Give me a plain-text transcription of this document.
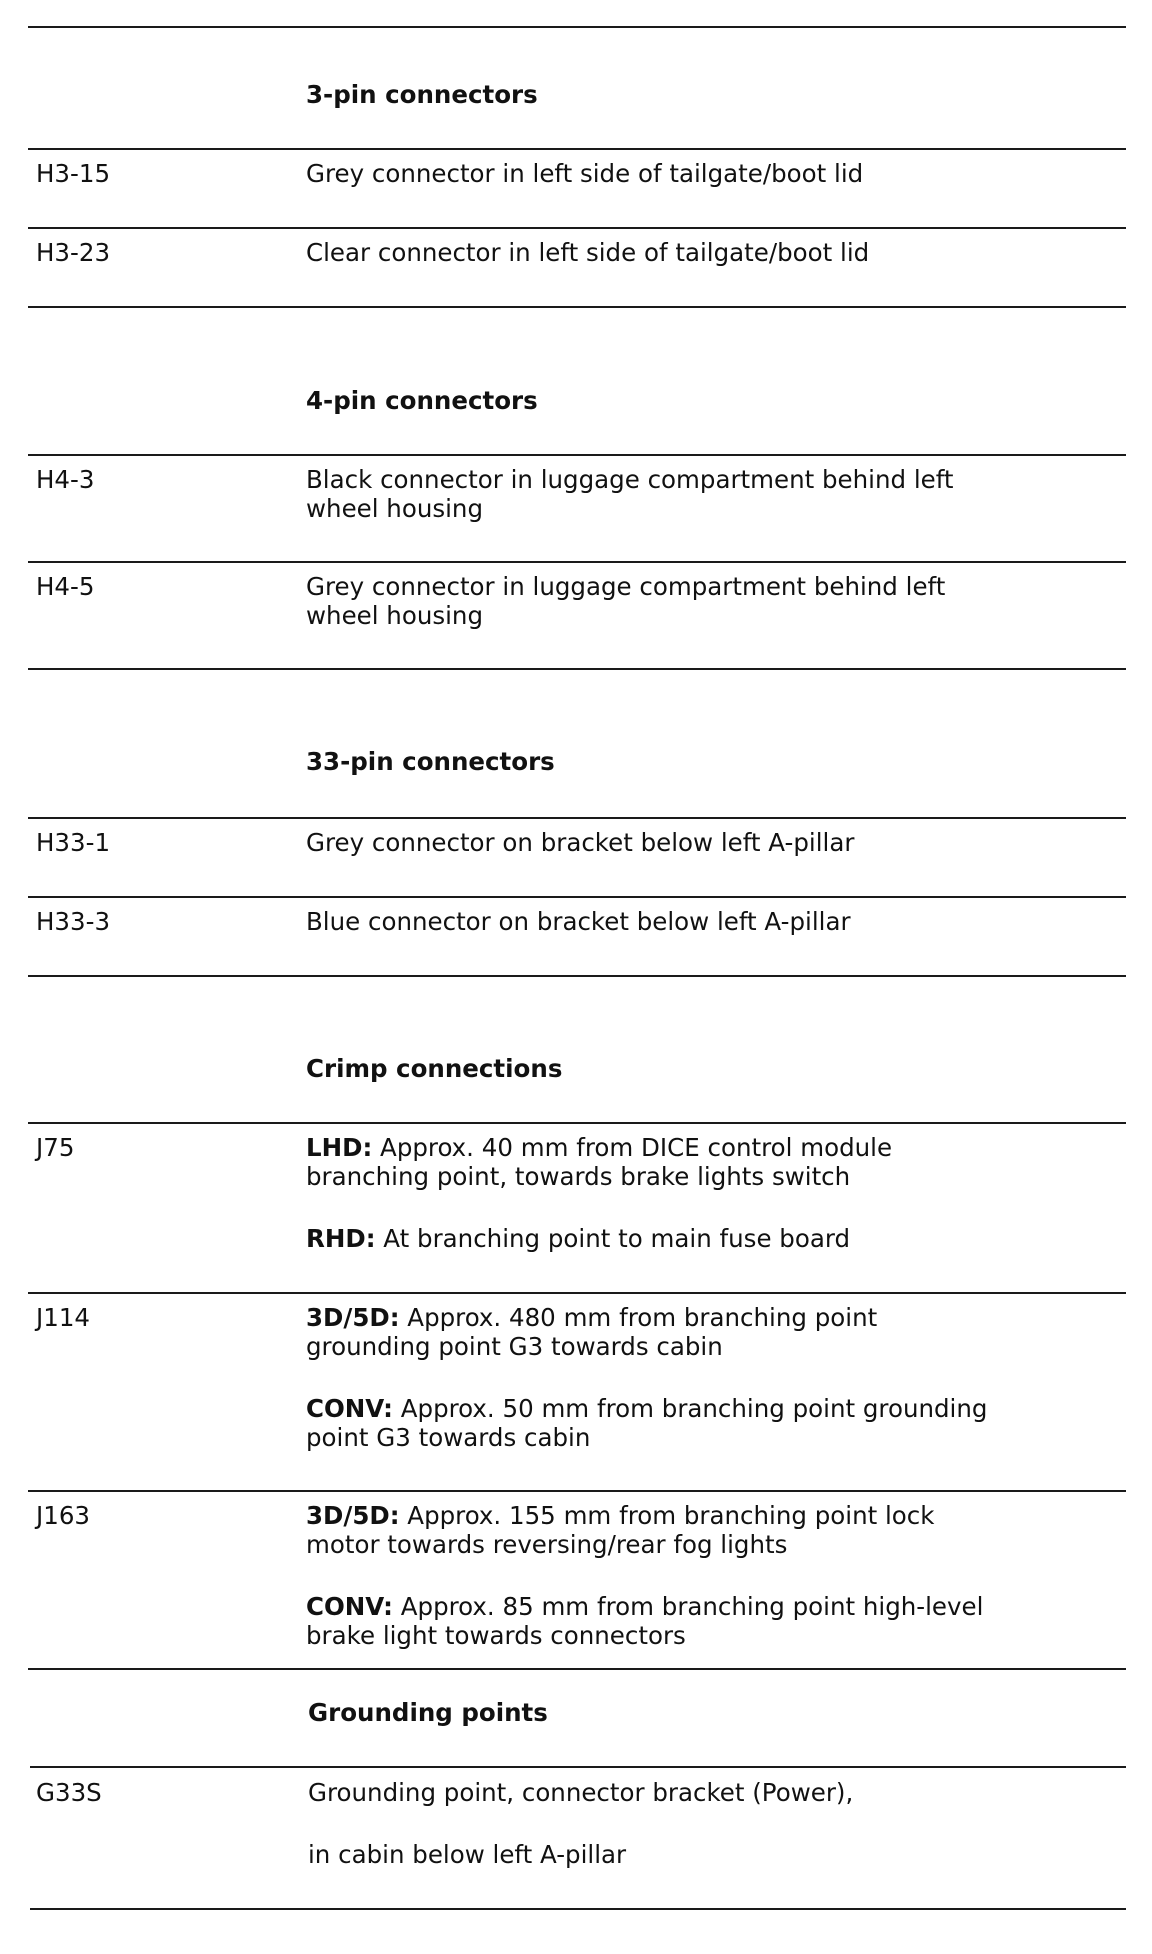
3-pin connectors
H3-15	Grey connector in left side of tailgate/boot lid
H3-23	Clear connector in left side of tailgate/boot lid
4-pin connectors
H4-3	Black connector in luggage compartment behind left
wheel housing
H4-5	Grey connector in luggage compartment behind left
wheel housing
33-pin connectors
H33-1	Grey connector on bracket below left A-pillar
H33-3	Blue connector on bracket below left A-pillar
Crimp connections
J75	LHD: Approx. 40 mm from DICE control module
branching point, towards brake lights switch
RHD: At branching point to main fuse board
J114	3D/5D: Approx. 480 mm from branching point
grounding point G3 towards cabin
CONV: Approx. 50 mm from branching point grounding
point G3 towards cabin
J163	3D/5D: Approx. 155 mm from branching point lock
motor towards reversing/rear fog lights
CONV: Approx. 85 mm from branching point high-level
brake light towards connectors
Grounding points
G33S	Grounding point, connector bracket (Power),
in cabin below left A-pillar
